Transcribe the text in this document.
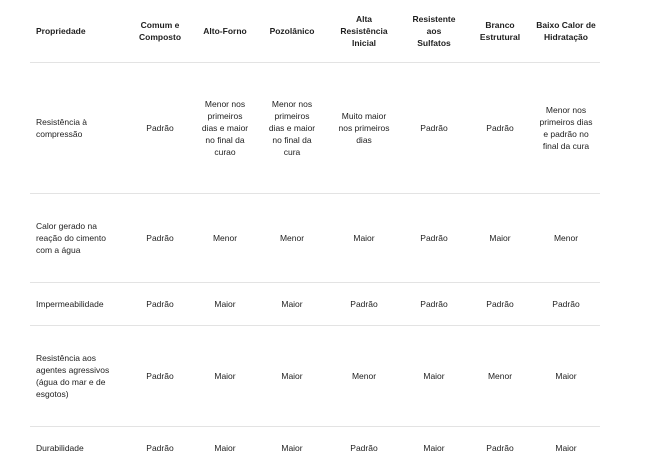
Propriedade	Comum e Composto	Alto-Forno	Pozolânico	Alta Resistência Inicial	Resistente aos Sulfatos	Branco Estrutural	Baixo Calor de Hidratação

Resistência à compressão	Padrão	Menor nos primeiros dias e maior no final da curao	Menor nos primeiros dias e maior no final da cura	Muito maior nos primeiros dias	Padrão	Padrão	Menor nos primeiros dias e padrão no final da cura

Calor gerado na reação do cimento com a água	Padrão	Menor	Menor	Maior	Padrão	Maior	Menor
Impermeabilidade	Padrão	Maior	Maior	Padrão	Padrão	Padrão	Padrão

Resistência aos agentes agressivos (água do mar e de esgotos)	Padrão	Maior	Maior	Menor	Maior	Menor	Maior
Durabilidade	Padrão	Maior	Maior	Padrão	Maior	Padrão	Maior
